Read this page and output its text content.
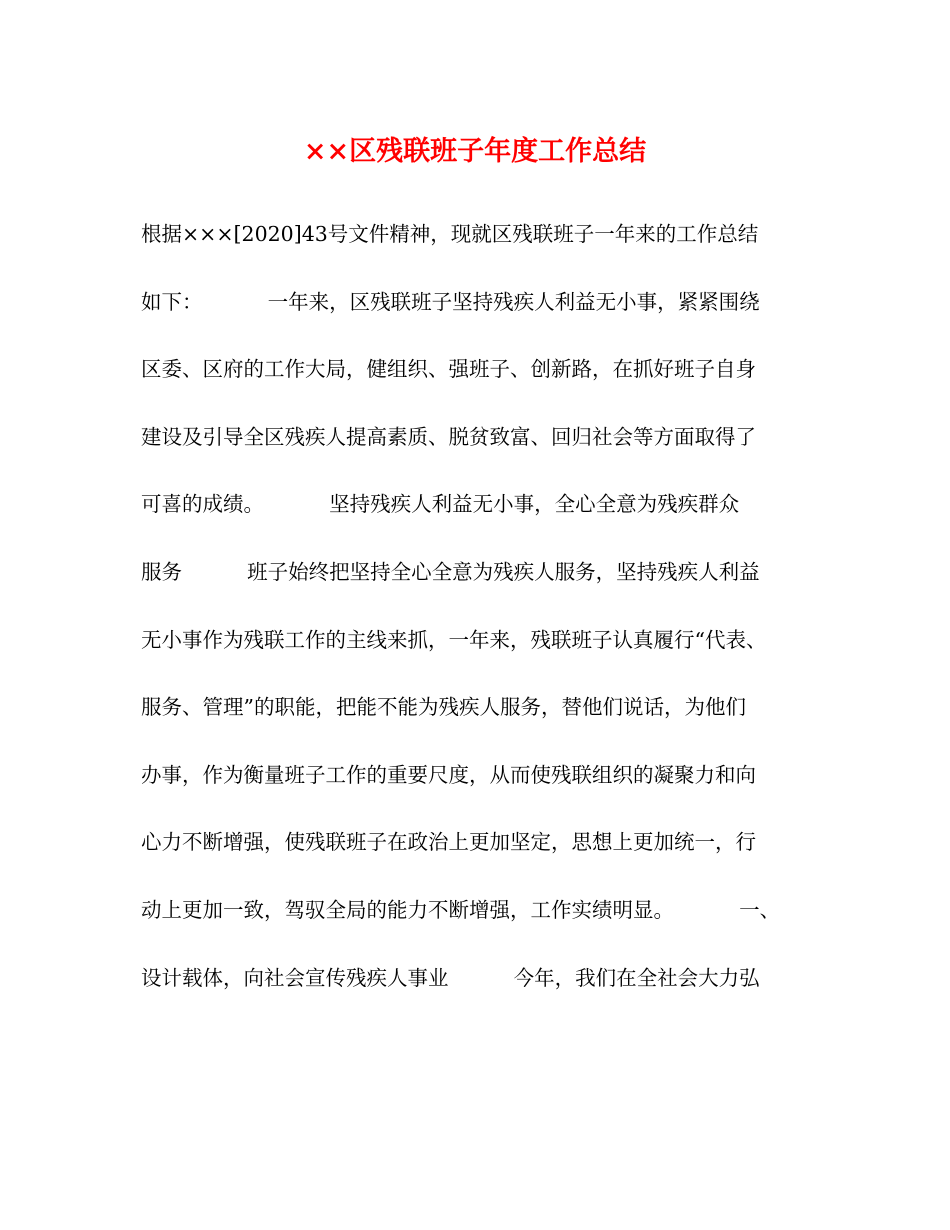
××区残联班子年度工作总结
根据×××[2020]43号文件精神，现就区残联班子一年来的工作总结
如下：          一年来，区残联班子坚持残疾人利益无小事，紧紧围绕
区委、区府的工作大局，健组织、强班子、创新路，在抓好班子自身
建设及引导全区残疾人提高素质、脱贫致富、回归社会等方面取得了
可喜的成绩。          坚持残疾人利益无小事，全心全意为残疾群众
服务          班子始终把坚持全心全意为残疾人服务，坚持残疾人利益
无小事作为残联工作的主线来抓，一年来，残联班子认真履行“代表、
服务、管理”的职能，把能不能为残疾人服务，替他们说话，为他们
办事，作为衡量班子工作的重要尺度，从而使残联组织的凝聚力和向
心力不断增强，使残联班子在政治上更加坚定，思想上更加统一，行
动上更加一致，驾驭全局的能力不断增强，工作实绩明显。          一、
设计载体，向社会宣传残疾人事业          今年，我们在全社会大力弘
